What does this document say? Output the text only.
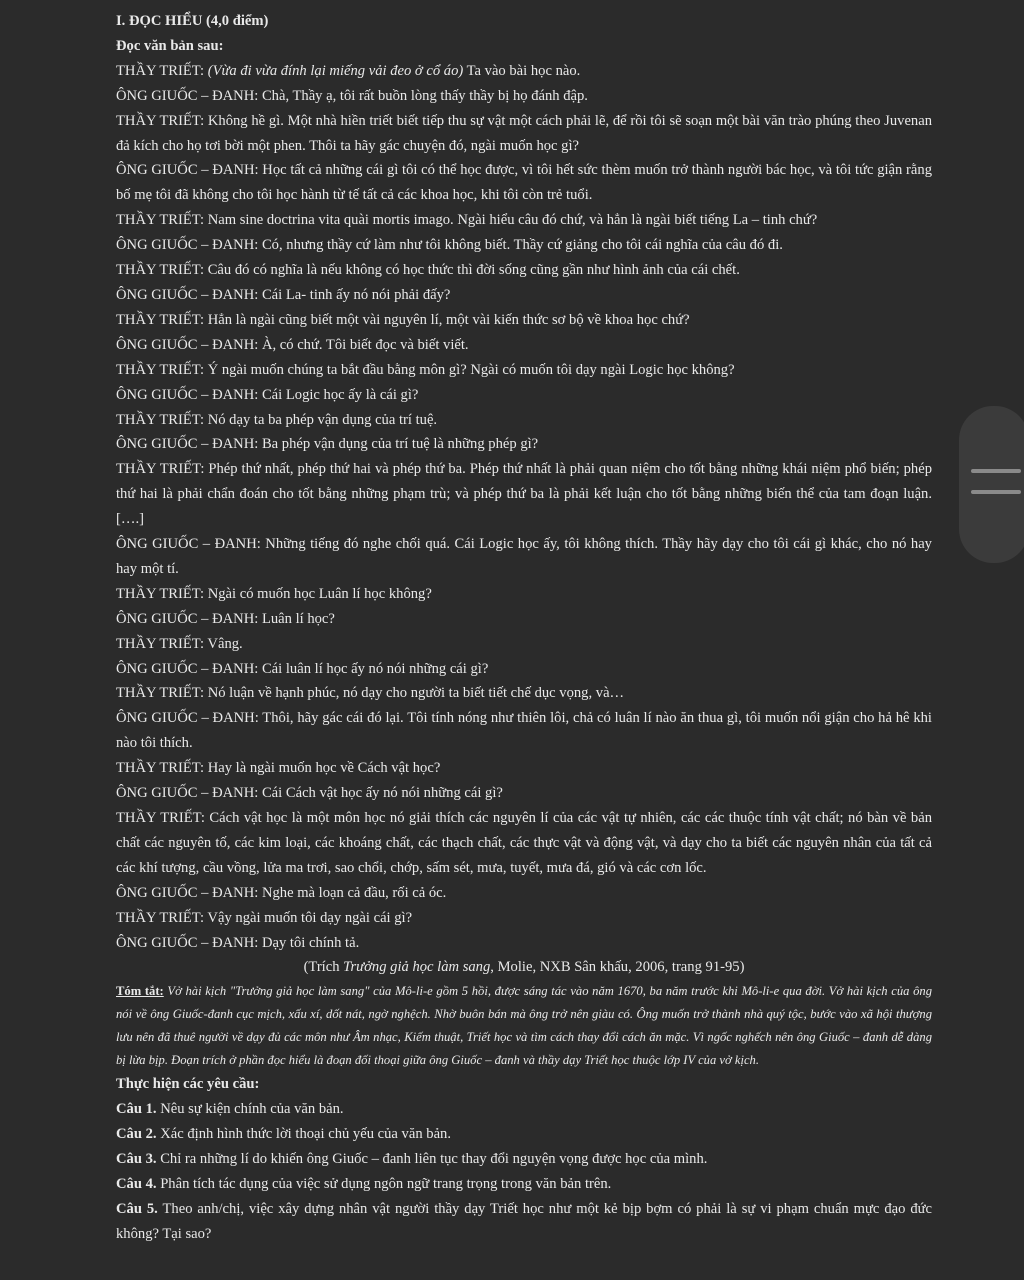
I. ĐỌC HIỂU (4,0 điểm)

Đọc văn bản sau:

THẦY TRIẾT: (Vừa đi vừa đính lại miếng vải đeo ở cổ áo) Ta vào bài học nào.

ÔNG GIUỐC – ĐANH: Chà, Thầy ạ, tôi rất buồn lòng thấy thầy bị họ đánh đập.

THẦY TRIẾT: Không hề gì. Một nhà hiền triết biết tiếp thu sự vật một cách phải lẽ, để rồi tôi sẽ soạn một bài văn trào phúng theo Juvenan đả kích cho họ tơi bời một phen. Thôi ta hãy gác chuyện đó, ngài muốn học gì?

ÔNG GIUỐC – ĐANH: Học tất cả những cái gì tôi có thể học được, vì tôi hết sức thèm muốn trở thành người bác học, và tôi tức giận rằng bố mẹ tôi đã không cho tôi học hành từ tế tất cả các khoa học, khi tôi còn trẻ tuổi.

THẦY TRIẾT: Nam sine doctrina vita quài mortis imago. Ngài hiểu câu đó chứ, và hẳn là ngài biết tiếng La – tinh chứ?

ÔNG GIUỐC – ĐANH: Có, nhưng thầy cứ làm như tôi không biết. Thầy cứ giảng cho tôi cái nghĩa của câu đó đi.

THẦY TRIẾT: Câu đó có nghĩa là nếu không có học thức thì đời sống cũng gần như hình ảnh của cái chết.

ÔNG GIUỐC – ĐANH: Cái La- tinh ấy nó nói phải đấy?

THẦY TRIẾT: Hẳn là ngài cũng biết một vài nguyên lí, một vài kiến thức sơ bộ về khoa học chứ?

ÔNG GIUỐC – ĐANH: À, có chứ. Tôi biết đọc và biết viết.

THẦY TRIẾT: Ý ngài muốn chúng ta bắt đầu bằng môn gì? Ngài có muốn tôi dạy ngài Logic học không?

ÔNG GIUỐC – ĐANH: Cái Logic học ấy là cái gì?

THẦY TRIẾT: Nó dạy ta ba phép vận dụng của trí tuệ.

ÔNG GIUỐC – ĐANH: Ba phép vận dụng của trí tuệ là những phép gì?

THẦY TRIẾT: Phép thứ nhất, phép thứ hai và phép thứ ba. Phép thứ nhất là phải quan niệm cho tốt bằng những khái niệm phổ biến; phép thứ hai là phải chẩn đoán cho tốt bằng những phạm trù; và phép thứ ba là phải kết luận cho tốt bằng những biến thể của tam đoạn luận. [….]

ÔNG GIUỐC – ĐANH: Những tiếng đó nghe chối quá. Cái Logic học ấy, tôi không thích. Thầy hãy dạy cho tôi cái gì khác, cho nó hay hay một tí.

THẦY TRIẾT: Ngài có muốn học Luân lí học không?

ÔNG GIUỐC – ĐANH: Luân lí học?

THẦY TRIẾT: Vâng.

ÔNG GIUỐC – ĐANH: Cái luân lí học ấy nó nói những cái gì?

THẦY TRIẾT: Nó luận về hạnh phúc, nó dạy cho người ta biết tiết chế dục vọng, và…

ÔNG GIUỐC – ĐANH: Thôi, hãy gác cái đó lại. Tôi tính nóng như thiên lôi, chả có luân lí nào ăn thua gì, tôi muốn nổi giận cho hả hê khi nào tôi thích.

THẦY TRIẾT: Hay là ngài muốn học về Cách vật học?

ÔNG GIUỐC – ĐANH: Cái Cách vật học ấy nó nói những cái gì?

THẦY TRIẾT: Cách vật học là một môn học nó giải thích các nguyên lí của các vật tự nhiên, các các thuộc tính vật chất; nó bàn về bản chất các nguyên tố, các kim loại, các khoáng chất, các thạch chất, các thực vật và động vật, và dạy cho ta biết các nguyên nhân của tất cả các khí tượng, cầu vồng, lửa ma trơi, sao chổi, chớp, sấm sét, mưa, tuyết, mưa đá, gió và các cơn lốc.

ÔNG GIUỐC – ĐANH: Nghe mà loạn cả đầu, rối cả óc.

THẦY TRIẾT: Vậy ngài muốn tôi dạy ngài cái gì?

ÔNG GIUỐC – ĐANH: Dạy tôi chính tả.

(Trích Trưởng giả học làm sang, Molie, NXB Sân khấu, 2006, trang 91-95)

Tóm tắt: Vở hài kịch "Trưởng giả học làm sang" của Mô-li-e gồm 5 hồi, được sáng tác vào năm 1670, ba năm trước khi Mô-li-e qua đời. Vở hài kịch của ông nói về ông Giuốc-đanh cục mịch, xấu xí, dốt nát, ngờ nghệch. Nhờ buôn bán mà ông trở nên giàu có. Ông muốn trở thành nhà quý tộc, bước vào xã hội thượng lưu nên đã thuê người về dạy đủ các môn như Âm nhạc, Kiếm thuật, Triết học và tìm cách thay đổi cách ăn mặc. Vì ngốc nghếch nên ông Giuốc – đanh dễ dàng bị lừa bịp. Đoạn trích ở phần đọc hiểu là đoạn đối thoại giữa ông Giuốc – đanh và thầy dạy Triết học thuộc lớp IV của vở kịch.

Thực hiện các yêu cầu:

Câu 1. Nêu sự kiện chính của văn bản.

Câu 2. Xác định hình thức lời thoại chủ yếu của văn bản.

Câu 3. Chỉ ra những lí do khiến ông Giuốc – đanh liên tục thay đổi nguyện vọng được học của mình.

Câu 4. Phân tích tác dụng của việc sử dụng ngôn ngữ trang trọng trong văn bản trên.

Câu 5. Theo anh/chị, việc xây dựng nhân vật người thầy dạy Triết học như một kẻ bịp bợm có phải là sự vi phạm chuẩn mực đạo đức không? Tại sao?
